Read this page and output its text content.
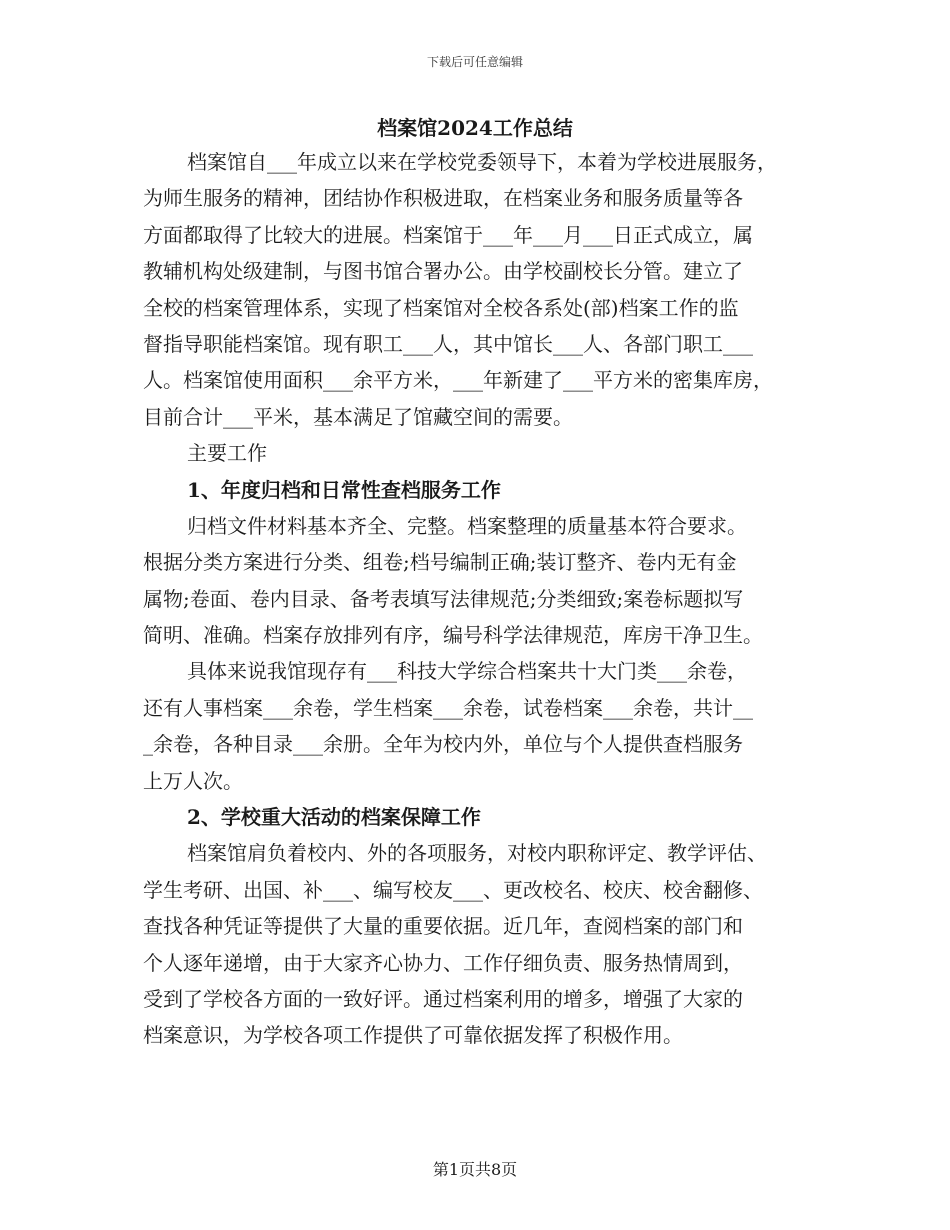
下载后可任意编辑
档案馆2024工作总结
档案馆自___年成立以来在学校党委领导下，本着为学校进展服务，
为师生服务的精神，团结协作积极进取，在档案业务和服务质量等各
方面都取得了比较大的进展。档案馆于___年___月___日正式成立，属
教辅机构处级建制，与图书馆合署办公。由学校副校长分管。建立了
全校的档案管理体系，实现了档案馆对全校各系处(部)档案工作的监
督指导职能档案馆。现有职工___人，其中馆长___人、各部门职工___
人。档案馆使用面积___余平方米，___年新建了___平方米的密集库房，
目前合计___平米，基本满足了馆藏空间的需要。
主要工作
1、年度归档和日常性查档服务工作
归档文件材料基本齐全、完整。档案整理的质量基本符合要求。
根据分类方案进行分类、组卷;档号编制正确;装订整齐、卷内无有金
属物;卷面、卷内目录、备考表填写法律规范;分类细致;案卷标题拟写
简明、准确。档案存放排列有序，编号科学法律规范，库房干净卫生。
具体来说我馆现存有___科技大学综合档案共十大门类___余卷，
还有人事档案___余卷，学生档案___余卷，试卷档案___余卷，共计__
_余卷，各种目录___余册。全年为校内外，单位与个人提供查档服务
上万人次。
2、学校重大活动的档案保障工作
档案馆肩负着校内、外的各项服务，对校内职称评定、教学评估、
学生考研、出国、补___、编写校友___、更改校名、校庆、校舍翻修、
查找各种凭证等提供了大量的重要依据。近几年，查阅档案的部门和
个人逐年递增，由于大家齐心协力、工作仔细负责、服务热情周到，
受到了学校各方面的一致好评。通过档案利用的增多，增强了大家的
档案意识，为学校各项工作提供了可靠依据发挥了积极作用。
第1页共8页
